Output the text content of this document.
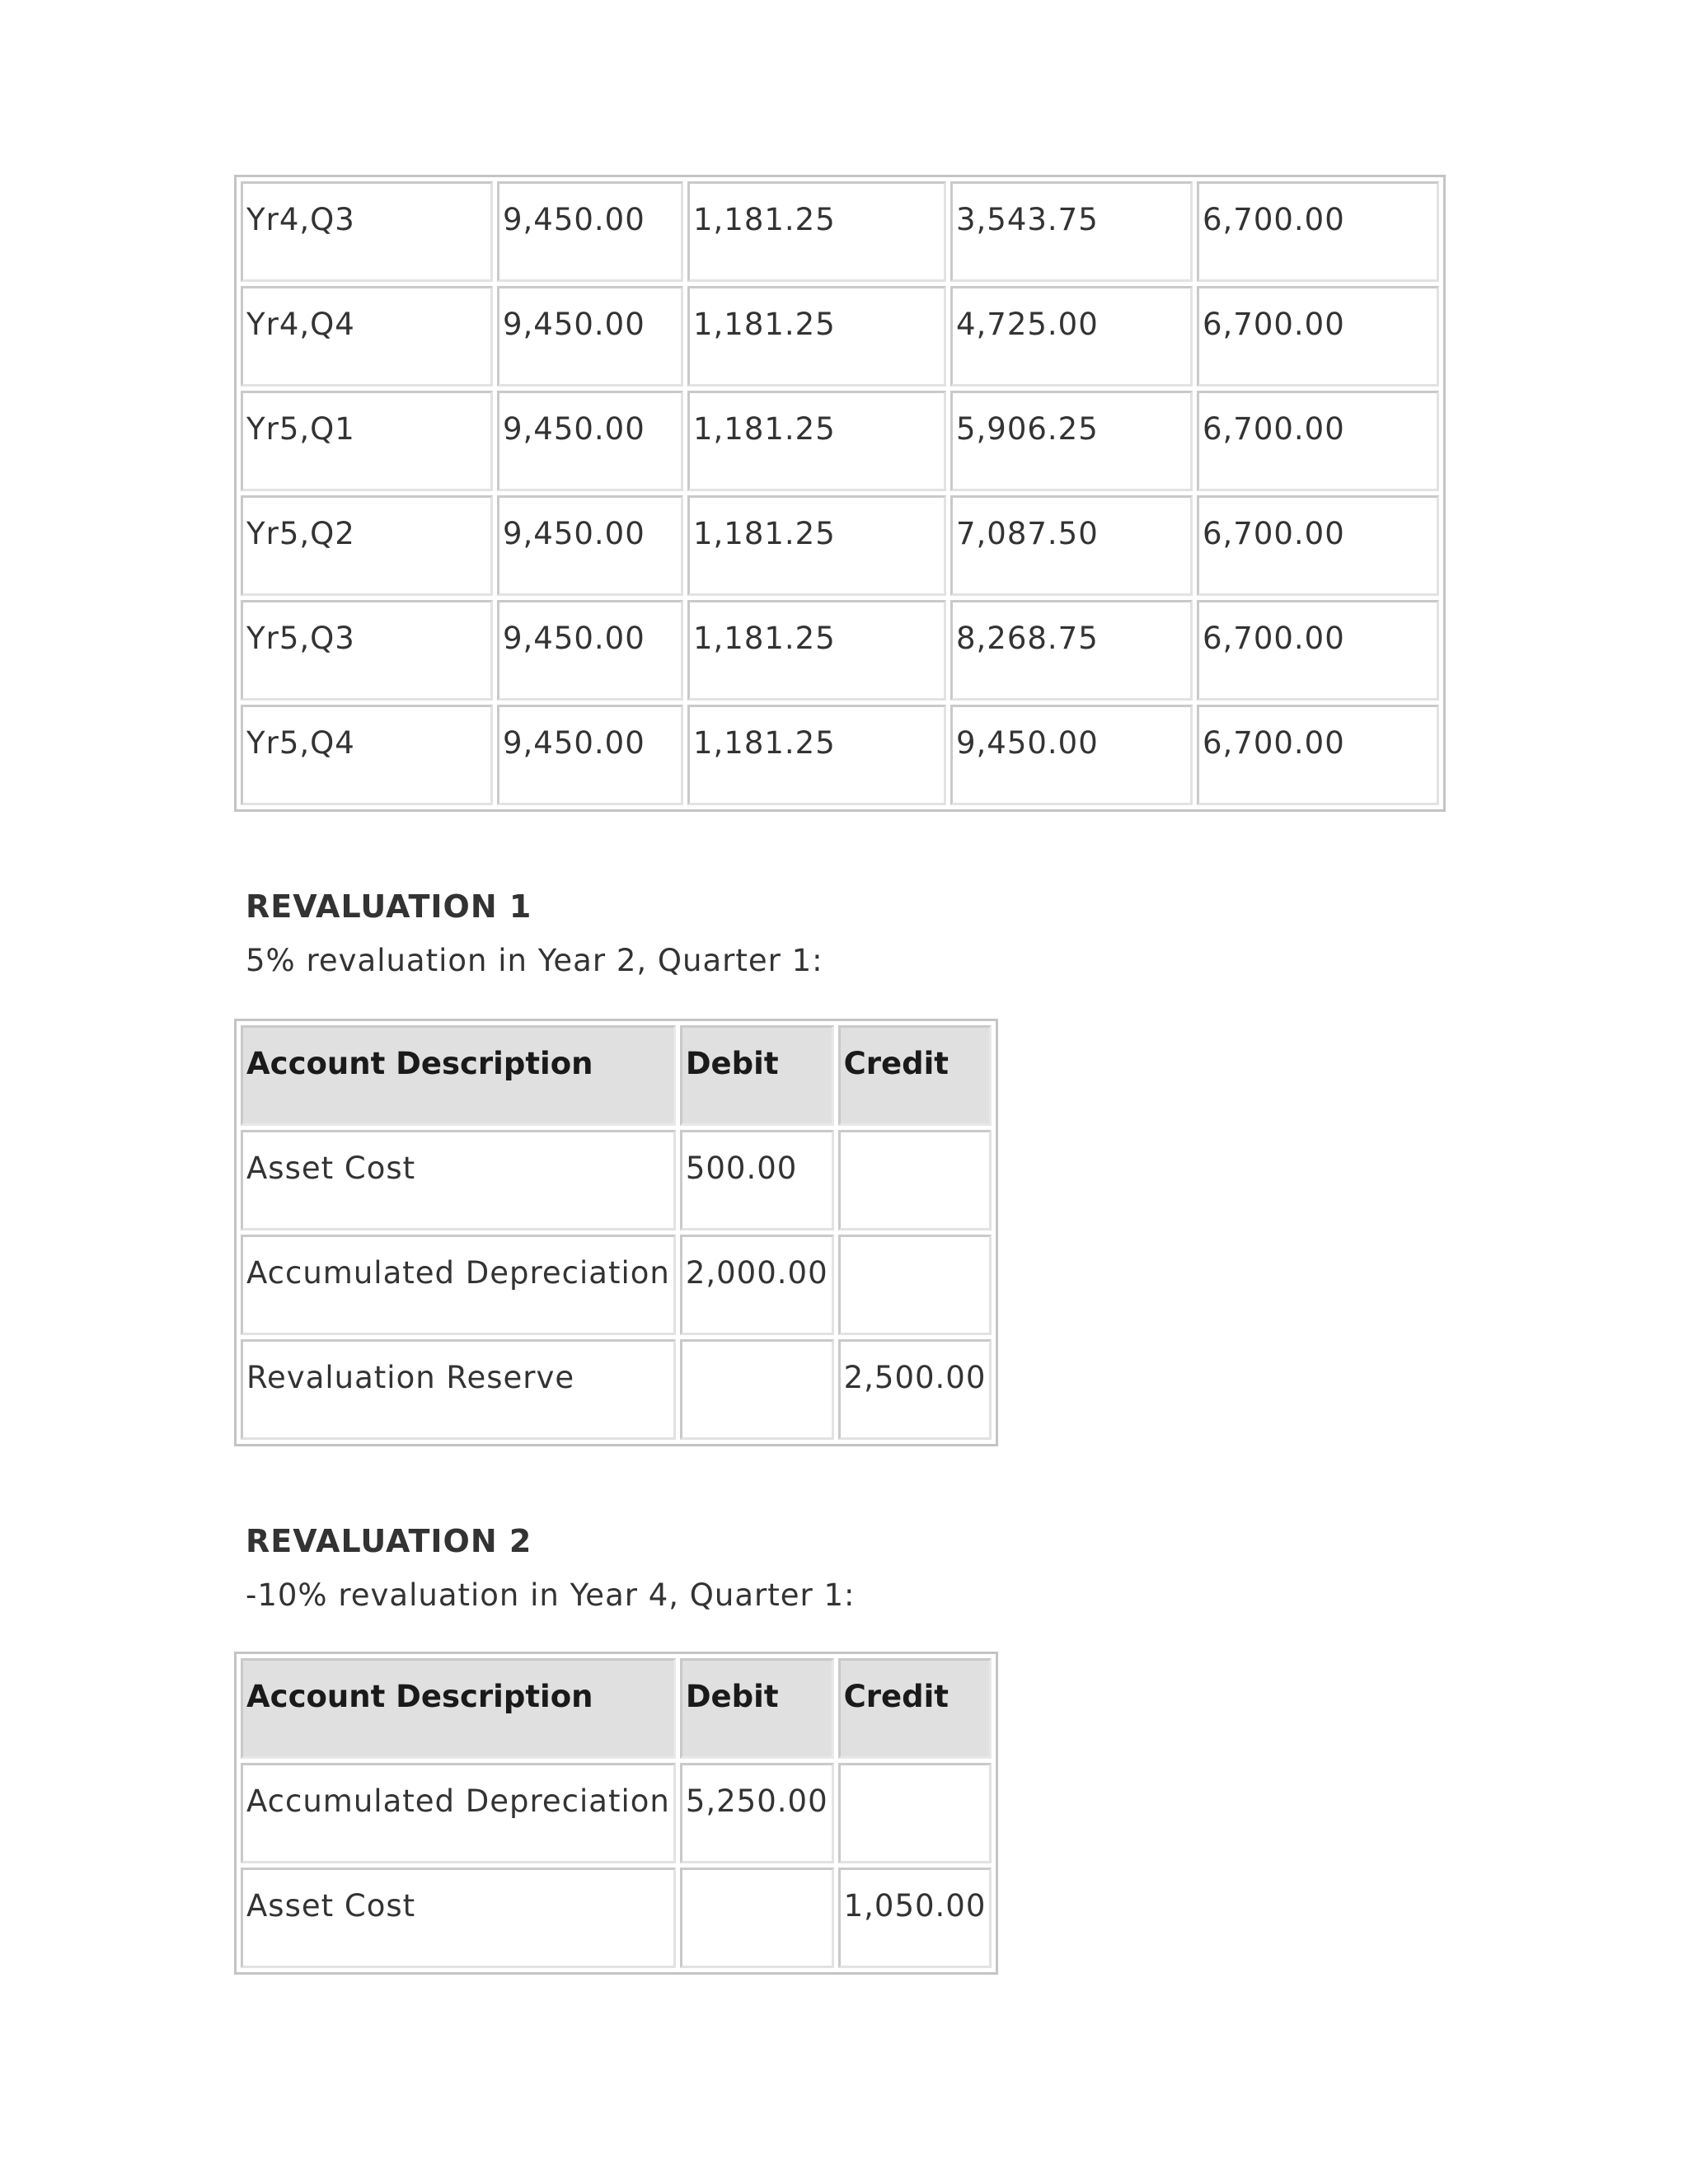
Yr4,Q3	9,450.00	1,181.25	3,543.75	6,700.00
Yr4,Q4	9,450.00	1,181.25	4,725.00	6,700.00
Yr5,Q1	9,450.00	1,181.25	5,906.25	6,700.00
Yr5,Q2	9,450.00	1,181.25	7,087.50	6,700.00
Yr5,Q3	9,450.00	1,181.25	8,268.75	6,700.00
Yr5,Q4	9,450.00	1,181.25	9,450.00	6,700.00
REVALUATION 1

5% revaluation in Year 2, Quarter 1:

Account Description	Debit	Credit
Asset Cost	500.00	
Accumulated Depreciation	2,000.00	
Revaluation Reserve		2,500.00
REVALUATION 2

-10% revaluation in Year 4, Quarter 1:

Account Description	Debit	Credit
Accumulated Depreciation	5,250.00	
Asset Cost		1,050.00
